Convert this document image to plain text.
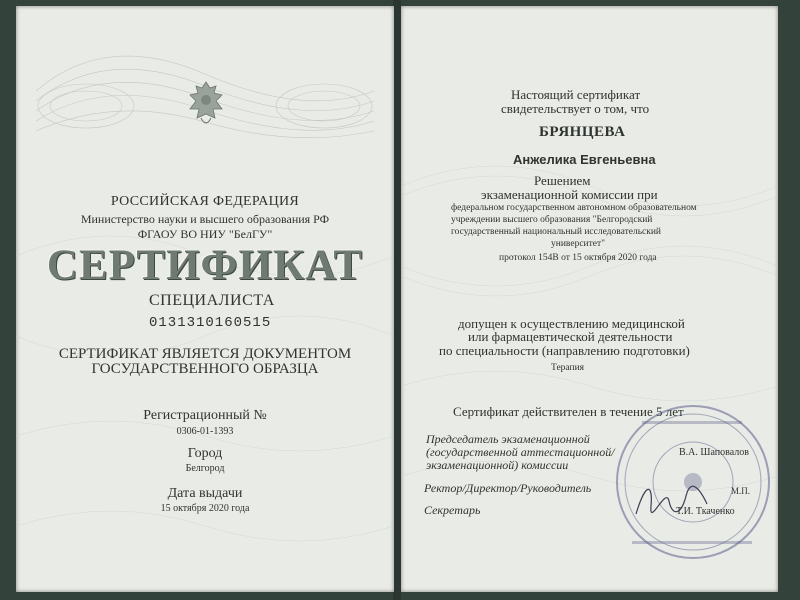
РОССИЙСКАЯ ФЕДЕРАЦИЯ
Министерство науки и высшего образования РФ
ФГАОУ ВО НИУ "БелГУ"
СЕРТИФИКАТ
СПЕЦИАЛИСТА
0131310160515
СЕРТИФИКАТ ЯВЛЯЕТСЯ ДОКУМЕНТОМ
ГОСУДАРСТВЕННОГО ОБРАЗЦА
Регистрационный №
0306-01-1393
Город
Белгород
Дата выдачи
15 октября 2020 года
Настоящий сертификат
свидетельствует о том, что
БРЯНЦЕВА
Анжелика Евгеньевна
Решением
экзаменационной комиссии при
федеральном государственном автономном образовательном
учреждении высшего образования "Белгородский
государственный национальный исследовательский
университет"
протокол 154В от 15 октября 2020 года
допущен к осуществлению медицинской
или фармацевтической деятельности
по специальности (направлению подготовки)
Терапия
Сертификат действителен в течение 5 лет
Председатель экзаменационной
(государственной аттестационной/
экзаменационной) комиссии
В.А. Шаповалов
Ректор/Директор/Руководитель	М.П.
Секретарь	Т.И. Ткаченко
